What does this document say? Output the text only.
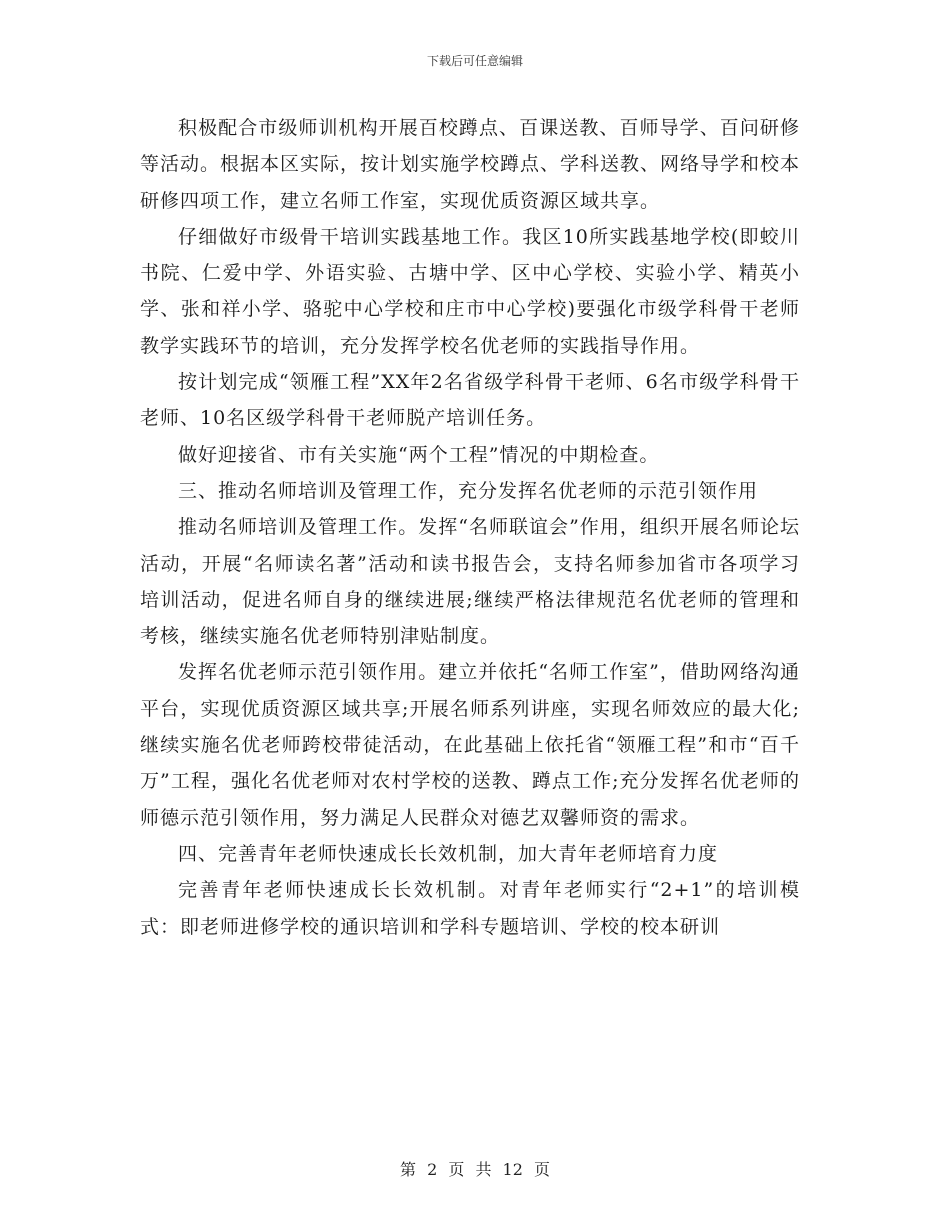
下载后可任意编辑

积极配合市级师训机构开展百校蹲点、百课送教、百师导学、百问研修等活动。根据本区实际，按计划实施学校蹲点、学科送教、网络导学和校本研修四项工作，建立名师工作室，实现优质资源区域共享。

仔细做好市级骨干培训实践基地工作。我区10所实践基地学校(即蛟川书院、仁爱中学、外语实验、古塘中学、区中心学校、实验小学、精英小学、张和祥小学、骆驼中心学校和庄市中心学校)要强化市级学科骨干老师教学实践环节的培训，充分发挥学校名优老师的实践指导作用。

按计划完成“领雁工程”XX年2名省级学科骨干老师、6名市级学科骨干老师、10名区级学科骨干老师脱产培训任务。

做好迎接省、市有关实施“两个工程”情况的中期检查。

三、推动名师培训及管理工作，充分发挥名优老师的示范引领作用

推动名师培训及管理工作。发挥“名师联谊会”作用，组织开展名师论坛活动，开展“名师读名著”活动和读书报告会，支持名师参加省市各项学习培训活动，促进名师自身的继续进展;继续严格法律规范名优老师的管理和考核，继续实施名优老师特别津贴制度。

发挥名优老师示范引领作用。建立并依托“名师工作室”，借助网络沟通平台，实现优质资源区域共享;开展名师系列讲座，实现名师效应的最大化;继续实施名优老师跨校带徒活动，在此基础上依托省“领雁工程”和市“百千万”工程，强化名优老师对农村学校的送教、蹲点工作;充分发挥名优老师的师德示范引领作用，努力满足人民群众对德艺双馨师资的需求。

四、完善青年老师快速成长长效机制，加大青年老师培育力度

完善青年老师快速成长长效机制。对青年老师实行“2+1”的培训模式：即老师进修学校的通识培训和学科专题培训、学校的校本研训

第 2 页 共 12 页
